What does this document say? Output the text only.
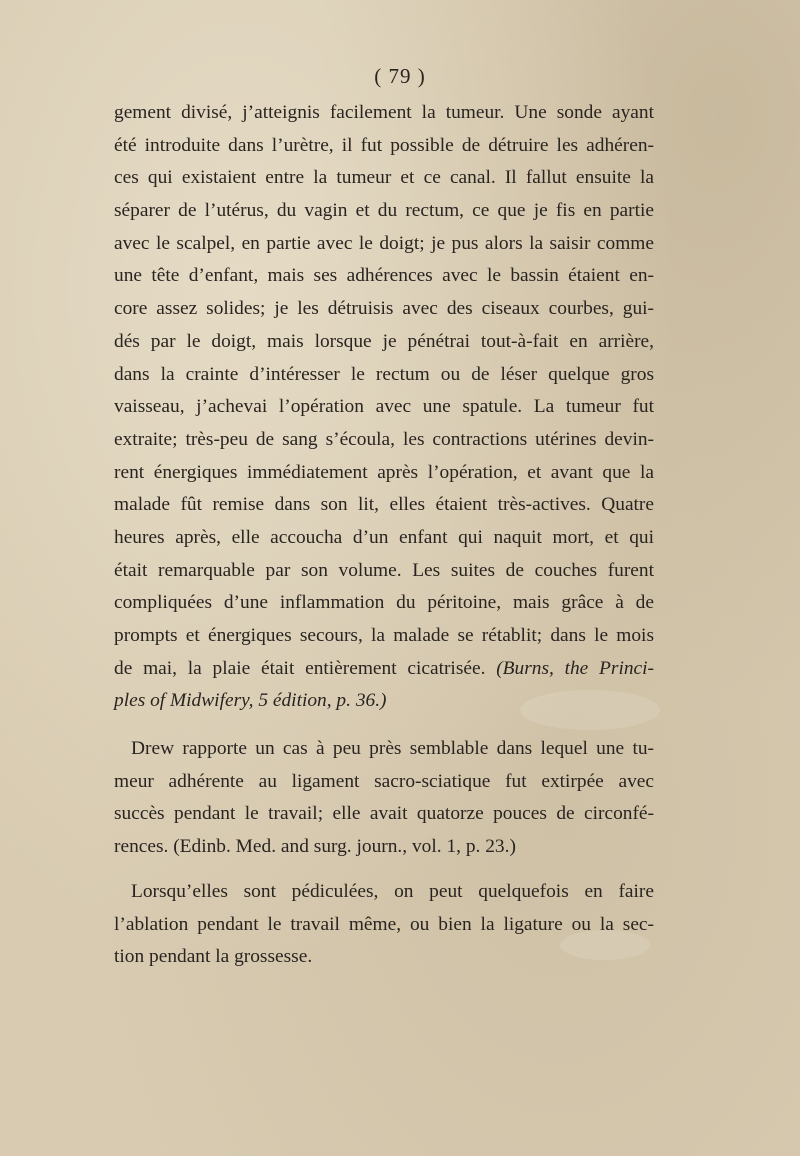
( 79 )
gement divisé, j’atteignis facilement la tumeur. Une sonde ayant
été introduite dans l’urètre, il fut possible de détruire les adhéren-
ces qui existaient entre la tumeur et ce canal. Il fallut ensuite la
séparer de l’utérus, du vagin et du rectum, ce que je fis en partie
avec le scalpel, en partie avec le doigt; je pus alors la saisir comme
une tête d’enfant, mais ses adhérences avec le bassin étaient en-
core assez solides; je les détruisis avec des ciseaux courbes, gui-
dés par le doigt, mais lorsque je pénétrai tout-à-fait en arrière,
dans la crainte d’intéresser le rectum ou de léser quelque gros
vaisseau, j’achevai l’opération avec une spatule. La tumeur fut
extraite; très-peu de sang s’écoula, les contractions utérines devin-
rent énergiques immédiatement après l’opération, et avant que la
malade fût remise dans son lit, elles étaient très-actives. Quatre
heures après, elle accoucha d’un enfant qui naquit mort, et qui
était remarquable par son volume. Les suites de couches furent
compliquées d’une inflammation du péritoine, mais grâce à de
prompts et énergiques secours, la malade se rétablit; dans le mois
de mai, la plaie était entièrement cicatrisée. (Burns, the Princi-
ples of Midwifery, 5 édition, p. 36.)
Drew rapporte un cas à peu près semblable dans lequel une tu-
meur adhérente au ligament sacro-sciatique fut extirpée avec
succès pendant le travail; elle avait quatorze pouces de circonfé-
rences. (Edinb. Med. and surg. journ., vol. 1, p. 23.)
Lorsqu’elles sont pédiculées, on peut quelquefois en faire
l’ablation pendant le travail même, ou bien la ligature ou la sec-
tion pendant la grossesse.
